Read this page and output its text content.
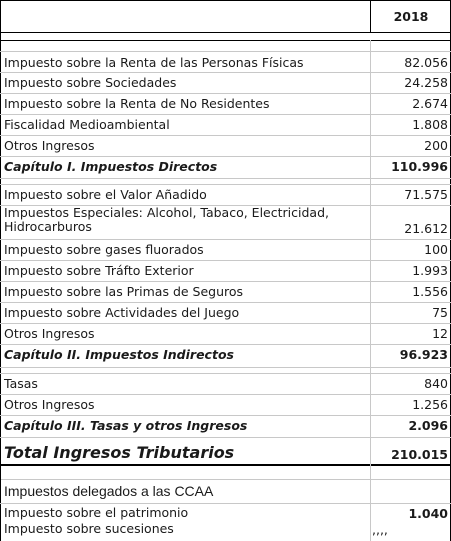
2018
Impuesto sobre la Renta de las Personas Físicas	82.056
Impuesto sobre Sociedades	24.258
Impuesto sobre la Renta de No Residentes	2.674
Fiscalidad Medioambiental	1.808
Otros Ingresos	200
Capítulo I. Impuestos Directos	110.996
Impuesto sobre el Valor Añadido	71.575
Impuestos Especiales: Alcohol, Tabaco, Electricidad,
Hidrocarburos	21.612
Impuesto sobre gases fluorados	100
Impuesto sobre Tráfto Exterior	1.993
Impuesto sobre las Primas de Seguros	1.556
Impuesto sobre Actividades del Juego	75
Otros Ingresos	12
Capítulo II. Impuestos Indirectos	96.923
Tasas	840
Otros Ingresos	1.256
Capítulo III. Tasas y otros Ingresos	2.096
Total Ingresos Tributarios	210.015
Impuestos delegados a las CCAA
Impuesto sobre el patrimonio	1.040
Impuesto sobre sucesiones	,,,,
